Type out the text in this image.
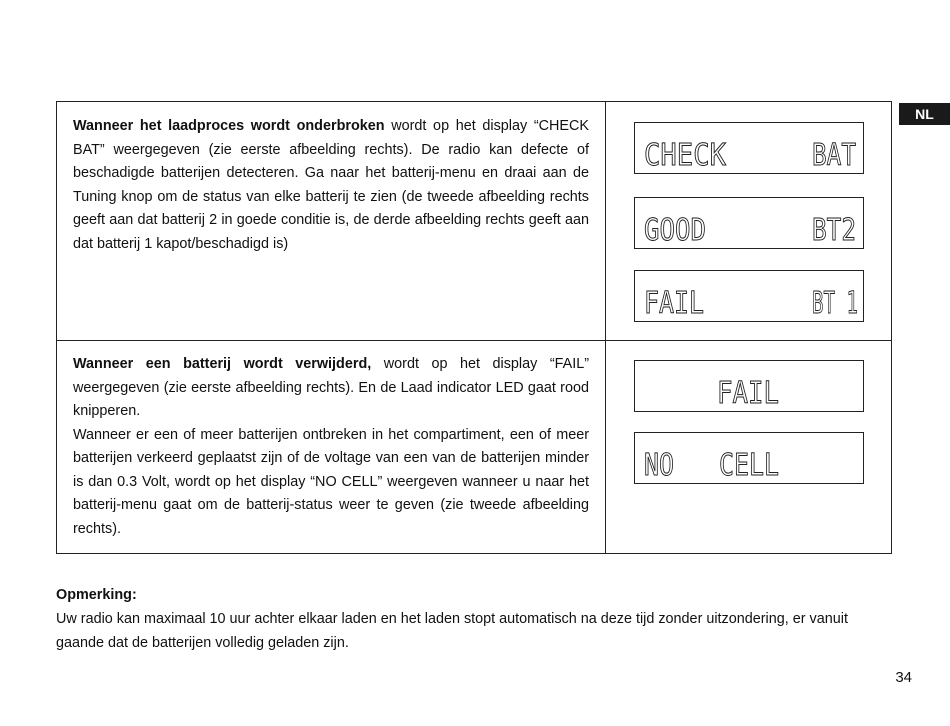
NL

Wanneer het laadproces wordt onderbroken wordt op het display “CHECK BAT” weergegeven (zie eerste afbeelding rechts). De radio kan defecte of beschadigde batterijen detecteren. Ga naar het batterij-menu en draai aan de Tuning knop om de status van elke batterij te zien (de tweede afbeelding rechts geeft aan dat batterij 2 in goede conditie is, de derde afbeelding rechts geeft aan dat batterij 1 kapot/beschadigd is)

Wanneer een batterij wordt verwijderd, wordt op het display “FAIL” weergegeven (zie eerste afbeelding rechts). En de Laad indicator LED gaat rood knipperen.

Wanneer er een of meer batterijen ontbreken in het compartiment, een of meer batterijen verkeerd geplaatst zijn of de voltage van een van de batterijen minder is dan 0.3 Volt, wordt op het display “NO CELL” weergeven wanneer u naar het batterij-menu gaat om de batterij-status weer te geven (zie tweede afbeelding rechts).

CHECK	BAT
GOOD	BT2
FAIL	BT 1
FAIL
NO CELL
Opmerking:
Uw radio kan maximaal 10 uur achter elkaar laden en het laden stopt automatisch na deze tijd zonder uitzondering, er vanuit gaande dat de batterijen volledig geladen zijn.
34
